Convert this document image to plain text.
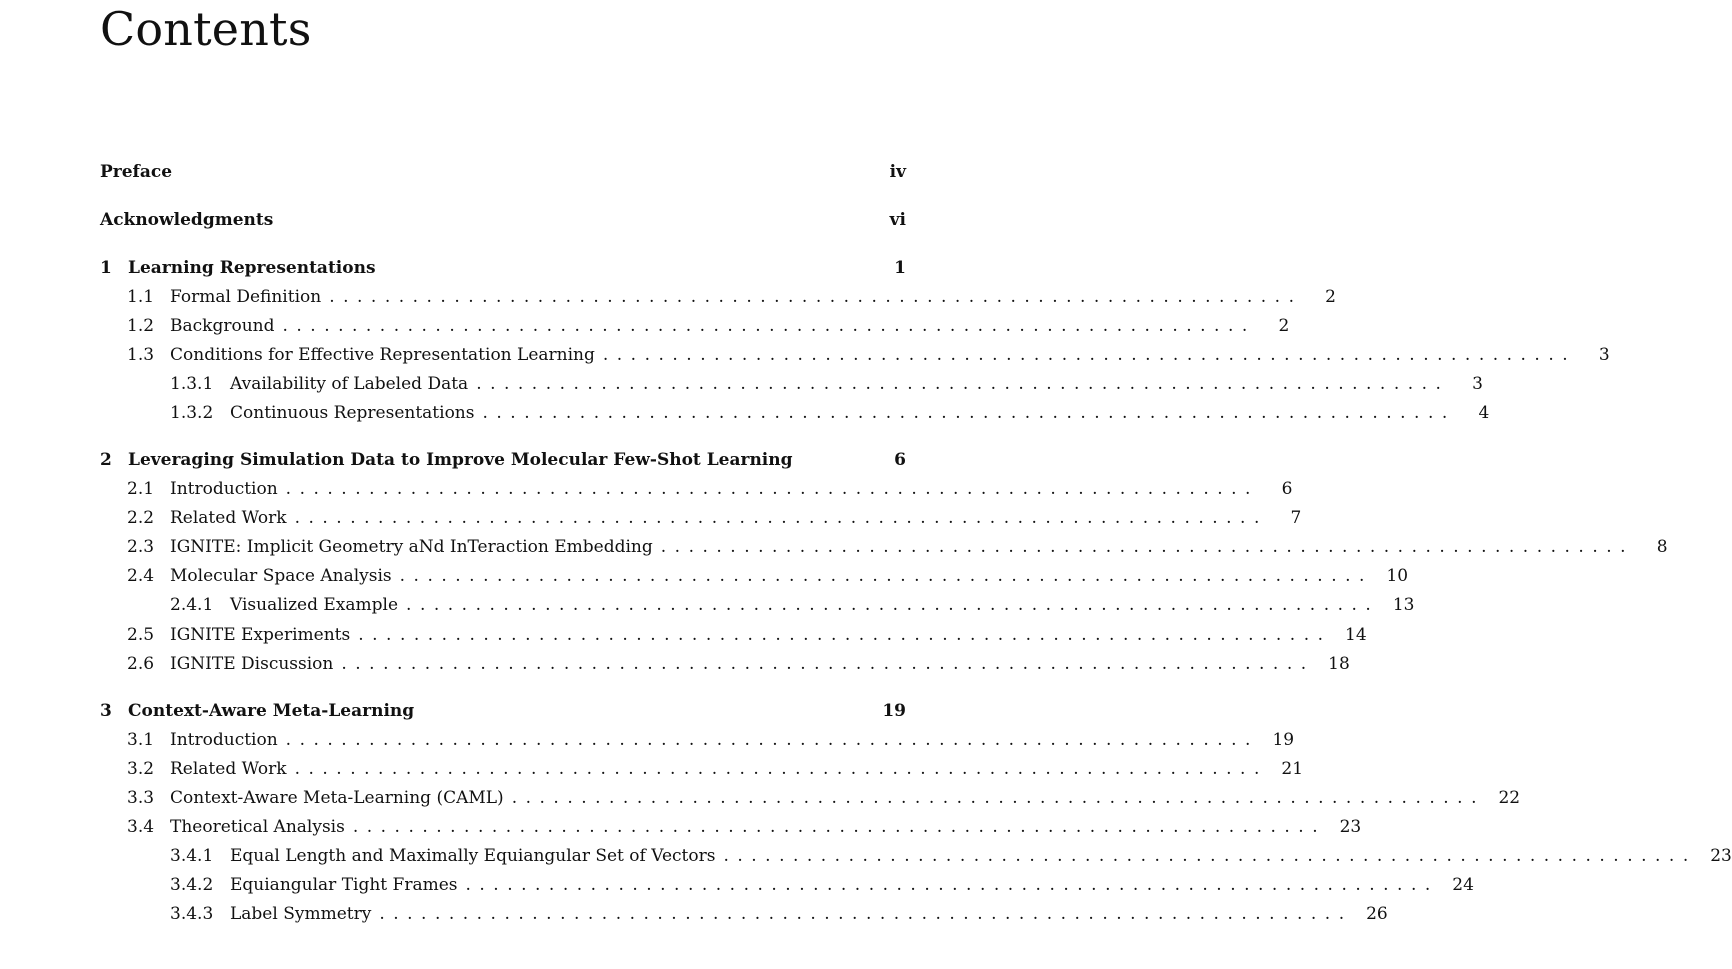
Contents
Preface	iv
Acknowledgments	vi
1 Learning Representations	1
1.1 Formal Definition . . . . . . . . . . . . . . . . . . . . . . . . . . . . . . . . . . . . . . . . . . . . . . . . . . . . . . . . . . . . . . . . . . . . . .	2
1.2 Background . . . . . . . . . . . . . . . . . . . . . . . . . . . . . . . . . . . . . . . . . . . . . . . . . . . . . . . . . . . . . . . . . . . . . .	2
1.3 Conditions for Effective Representation Learning . . . . . . . . . . . . . . . . . . . . . . . . . . . . . . . . . . . . . . . . . . . . . . . . . . . . . . . . . . . . . . . . . . . . . .	3
1.3.1 Availability of Labeled Data . . . . . . . . . . . . . . . . . . . . . . . . . . . . . . . . . . . . . . . . . . . . . . . . . . . . . . . . . . . . . . . . . . . . . .	3
1.3.2 Continuous Representations . . . . . . . . . . . . . . . . . . . . . . . . . . . . . . . . . . . . . . . . . . . . . . . . . . . . . . . . . . . . . . . . . . . . . .	4
2 Leveraging Simulation Data to Improve Molecular Few-Shot Learning	6
2.1 Introduction . . . . . . . . . . . . . . . . . . . . . . . . . . . . . . . . . . . . . . . . . . . . . . . . . . . . . . . . . . . . . . . . . . . . . .	6
2.2 Related Work . . . . . . . . . . . . . . . . . . . . . . . . . . . . . . . . . . . . . . . . . . . . . . . . . . . . . . . . . . . . . . . . . . . . . .	7
2.3 IGNITE: Implicit Geometry aNd InTeraction Embedding . . . . . . . . . . . . . . . . . . . . . . . . . . . . . . . . . . . . . . . . . . . . . . . . . . . . . . . . . . . . . . . . . . . . . .	8
2.4 Molecular Space Analysis . . . . . . . . . . . . . . . . . . . . . . . . . . . . . . . . . . . . . . . . . . . . . . . . . . . . . . . . . . . . . . . . . . . . . . 10
2.4.1 Visualized Example . . . . . . . . . . . . . . . . . . . . . . . . . . . . . . . . . . . . . . . . . . . . . . . . . . . . . . . . . . . . . . . . . . . . . . 13
2.5 IGNITE Experiments . . . . . . . . . . . . . . . . . . . . . . . . . . . . . . . . . . . . . . . . . . . . . . . . . . . . . . . . . . . . . . . . . . . . . . 14
2.6 IGNITE Discussion . . . . . . . . . . . . . . . . . . . . . . . . . . . . . . . . . . . . . . . . . . . . . . . . . . . . . . . . . . . . . . . . . . . . . . 18
3 Context-Aware Meta-Learning	19
3.1 Introduction . . . . . . . . . . . . . . . . . . . . . . . . . . . . . . . . . . . . . . . . . . . . . . . . . . . . . . . . . . . . . . . . . . . . . . 19
3.2 Related Work . . . . . . . . . . . . . . . . . . . . . . . . . . . . . . . . . . . . . . . . . . . . . . . . . . . . . . . . . . . . . . . . . . . . . . 21
3.3 Context-Aware Meta-Learning (CAML) . . . . . . . . . . . . . . . . . . . . . . . . . . . . . . . . . . . . . . . . . . . . . . . . . . . . . . . . . . . . . . . . . . . . . . 22
3.4 Theoretical Analysis . . . . . . . . . . . . . . . . . . . . . . . . . . . . . . . . . . . . . . . . . . . . . . . . . . . . . . . . . . . . . . . . . . . . . . 23
3.4.1 Equal Length and Maximally Equiangular Set of Vectors . . . . . . . . . . . . . . . . . . . . . . . . . . . . . . . . . . . . . . . . . . . . . . . . . . . . . . . . . . . . . . . . . . . . . . 23
3.4.2 Equiangular Tight Frames . . . . . . . . . . . . . . . . . . . . . . . . . . . . . . . . . . . . . . . . . . . . . . . . . . . . . . . . . . . . . . . . . . . . . . 24
3.4.3 Label Symmetry . . . . . . . . . . . . . . . . . . . . . . . . . . . . . . . . . . . . . . . . . . . . . . . . . . . . . . . . . . . . . . . . . . . . . . 26
